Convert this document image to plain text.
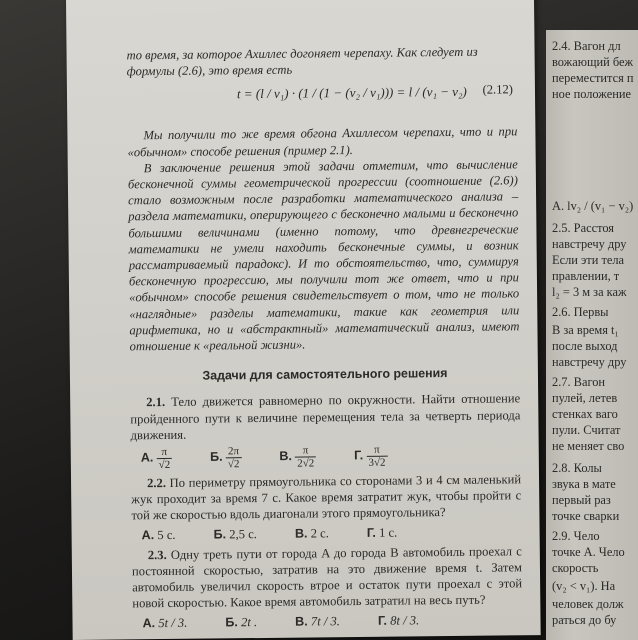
то время, за которое Ахиллес догоняет черепаху. Как следует из

формулы (2.6), это время есть

t = (l / v₁) · (1 / (1 − (v₂ / v₁))) = l / (v₁ − v₂) (2.12)

Мы получили то же время обгона Ахиллесом черепахи, что и при «обычном» способе решения (пример 2.1).

В заключение решения этой задачи отметим, что вычисление бесконечной суммы геометрической прогрессии (соотношение (2.6)) стало возможным после разработки математического анализа – раздела математики, оперирующего с бесконечно малыми и бесконечно большими величинами (именно потому, что древнегреческие математики не умели находить бесконечные суммы, и возник рассматриваемый парадокс). И то обстоятельство, что, суммируя бесконечную прогрессию, мы получили тот же ответ, что и при «обычном» способе решения свидетельствует о том, что не только «наглядные» разделы математики, такие как геометрия или арифметика, но и «абстрактный» математический анализ, имеют отношение к «реальной жизни».

Задачи для самостоятельного решения

2.1. Тело движется равномерно по окружности. Найти отношение пройденного пути к величине перемещения тела за четверть периода движения.

А. $\frac{\pi}{√2}$	Б. $\frac{2\pi}{√2}$	В. $\frac{\pi}{2√2}$	Г. $\frac{\pi}{3√2}$

2.2. По периметру прямоугольника со сторонами 3 и 4 см маленький жук проходит за время 7 с. Какое время затратит жук, чтобы пройти с той же скоростью вдоль диагонали этого прямоугольника?

А. 5 с.	Б. 2,5 с.	В. 2 с.	Г. 1 с.

2.3. Одну треть пути от города A до города B автомобиль проехал с постоянной скоростью, затратив на это движение время t. Затем автомобиль увеличил скорость втрое и остаток пути проехал с этой новой скоростью. Какое время автомобиль затратил на весь путь?

А. 5t / 3.	Б. 2t .	В. 7t / 3.	Г. 8t / 3.
2.4. Вагон дл
вожающий беж
переместится п
ное положение
А. lv₂ / (v₁ − v₂)
2.5. Расстоя
навстречу дру
Если эти тела
правлении, т
l₂ = 3 м за каж
2.6. Первы
B за время t₁
после выход
навстречу дру
2.7. Вагон
пулей, летев
стенках ваго
пули. Считат
не меняет сво
2.8. Колы
звука в мате
первый раз
точке сварки
2.9. Чело
точке А. Чело
скорость
(v₂ < v₁). На
человек долж
раться до бу
